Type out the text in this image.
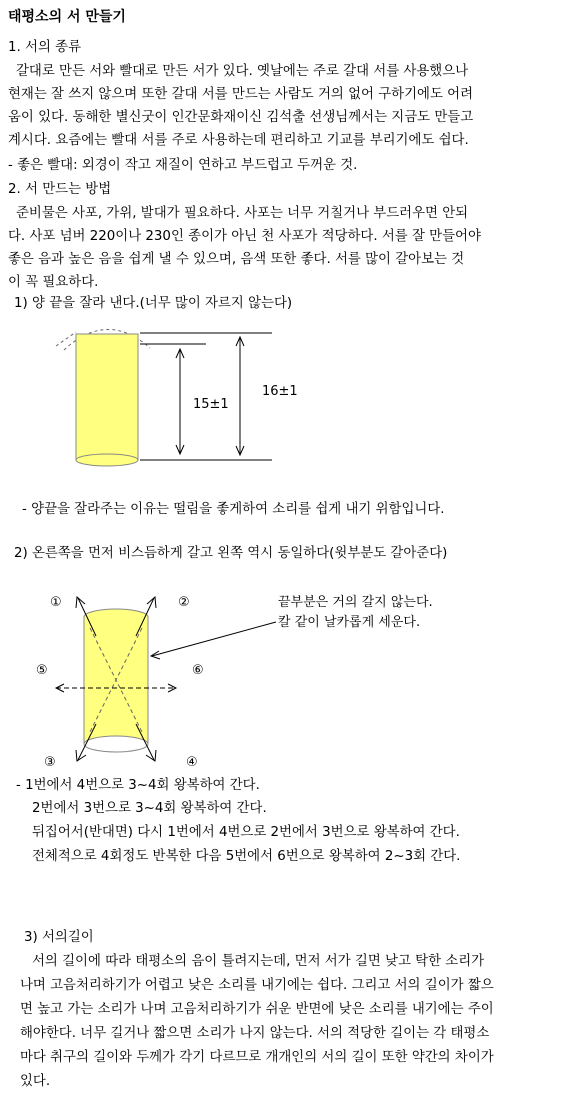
태평소의 서 만들기
1. 서의 종류
갈대로 만든 서와 빨대로 만든 서가 있다. 옛날에는 주로 갈대 서를 사용했으나
현재는 잘 쓰지 않으며 또한 갈대 서를 만드는 사람도 거의 없어 구하기에도 어려
움이 있다. 동해한 별신굿이 인간문화재이신 김석출 선생님께서는 지금도 만들고
계시다. 요즘에는 빨대 서를 주로 사용하는데 편리하고 기교를 부리기에도 쉽다.
- 좋은 빨대: 외경이 작고 재질이 연하고 부드럽고 두꺼운 것.
2. 서 만드는 방법
준비물은 사포, 가위, 발대가 필요하다. 사포는 너무 거칠거나 부드러우면 안되
다. 사포 넘버 220이나 230인 종이가 아닌 천 사포가 적당하다. 서를 잘 만들어야
좋은 음과 높은 음을 쉽게 낼 수 있으며, 음색 또한 좋다. 서를 많이 갈아보는 것
이 꼭 필요하다.
1) 양 끝을 잘라 낸다.(너무 많이 자르지 않는다)
15±1
16±1
- 양끝을 잘라주는 이유는 떨림을 좋게하여 소리를 쉽게 내기 위함입니다.
2) 온른쪽을 먼저 비스듬하게 갈고 왼쪽 역시 동일하다(윗부분도 갈아준다)
①	②
③	④
⑤	⑥
끝부분은 거의 갈지 않는다.
칼 같이 날카롭게 세운다.
- 1번에서 4번으로 3~4회 왕복하여 간다.
2번에서 3번으로 3~4회 왕복하여 간다.
뒤집어서(반대면) 다시 1번에서 4번으로 2번에서 3번으로 왕복하여 간다.
전체적으로 4회정도 반복한 다음 5번에서 6번으로 왕복하여 2~3회 간다.
3) 서의길이
서의 길이에 따라 태평소의 음이 틀려지는데, 먼저 서가 길면 낮고 탁한 소리가
나며 고음처리하기가 어렵고 낮은 소리를 내기에는 쉽다. 그리고 서의 길이가 짧으
면 높고 가는 소리가 나며 고음처리하기가 쉬운 반면에 낮은 소리를 내기에는 주이
해야한다. 너무 길거나 짧으면 소리가 나지 않는다. 서의 적당한 길이는 각 태평소
마다 취구의 길이와 두께가 각기 다르므로 개개인의 서의 길이 또한 약간의 차이가
있다.
